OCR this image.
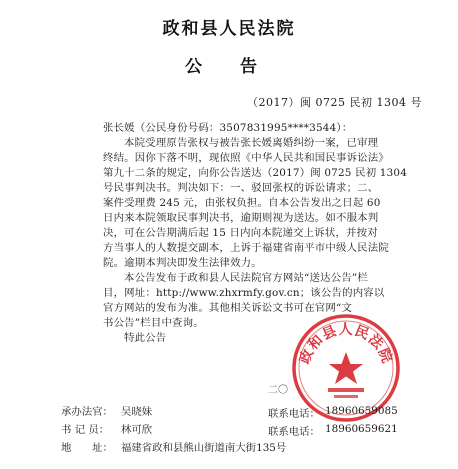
政和县人民法院
公 告
（2017）闽 0725 民初 1304 号
张长媛（公民身份号码：3507831995****3544）：

本院受理原告张权与被告张长媛离婚纠纷一案，已审理

终结。因你下落不明，现依照《中华人民共和国民事诉讼法》

第九十二条的规定，向你公告送达（2017）闽 0725 民初 1304

号民事判决书。判决如下：一、驳回张权的诉讼请求；二、

案件受理费 245 元，由张权负担。自本公告发出之日起 60

日内来本院领取民事判决书，逾期则视为送达。如不服本判

决，可在公告期满后起 15 日内向本院递交上诉状，并按对

方当事人的人数提交副本，上诉于福建省南平市中级人民法院

院。逾期本判决即发生法律效力。

本公告发布于政和县人民法院官方网站“送达公告”栏

目，网址：http://www.zhxrmfy.gov.cn；该公告的内容以

官方网站的发布为准。其他相关诉讼文书可在官网“文

书公告”栏目中查询。

特此公告

二〇
政和县人民法院
承办法官： 吴晓妹	联系电话： 18960659085
书 记 员： 林可欣	联系电话： 18960659621
地　　址： 福建省政和县熊山街道南大街135号
